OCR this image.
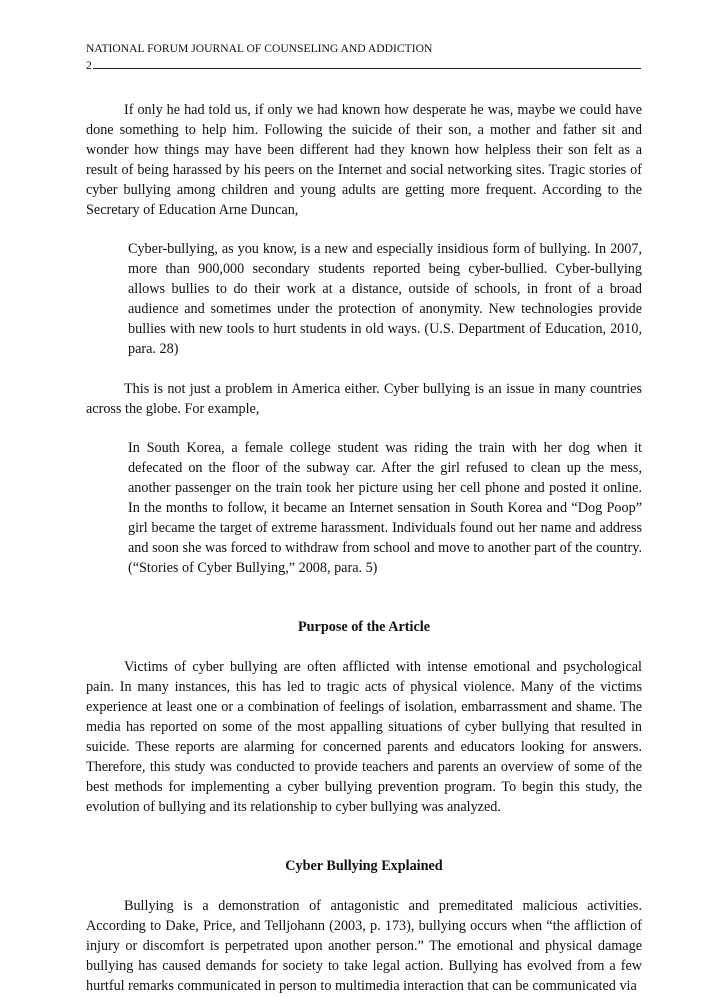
NATIONAL FORUM JOURNAL OF COUNSELING AND ADDICTION
2

If only he had told us, if only we had known how desperate he was, maybe we could have done something to help him. Following the suicide of their son, a mother and father sit and wonder how things may have been different had they known how helpless their son felt as a result of being harassed by his peers on the Internet and social networking sites. Tragic stories of cyber bullying among children and young adults are getting more frequent. According to the Secretary of Education Arne Duncan,

Cyber-bullying, as you know, is a new and especially insidious form of bullying. In 2007, more than 900,000 secondary students reported being cyber-bullied. Cyber-bullying allows bullies to do their work at a distance, outside of schools, in front of a broad audience and sometimes under the protection of anonymity. New technologies provide bullies with new tools to hurt students in old ways. (U.S. Department of Education, 2010, para. 28)

This is not just a problem in America either. Cyber bullying is an issue in many countries across the globe. For example,

In South Korea, a female college student was riding the train with her dog when it defecated on the floor of the subway car. After the girl refused to clean up the mess, another passenger on the train took her picture using her cell phone and posted it online. In the months to follow, it became an Internet sensation in South Korea and “Dog Poop” girl became the target of extreme harassment. Individuals found out her name and address and soon she was forced to withdraw from school and move to another part of the country. (“Stories of Cyber Bullying,” 2008, para. 5)

Purpose of the Article

Victims of cyber bullying are often afflicted with intense emotional and psychological pain. In many instances, this has led to tragic acts of physical violence. Many of the victims experience at least one or a combination of feelings of isolation, embarrassment and shame. The media has reported on some of the most appalling situations of cyber bullying that resulted in suicide. These reports are alarming for concerned parents and educators looking for answers. Therefore, this study was conducted to provide teachers and parents an overview of some of the best methods for implementing a cyber bullying prevention program. To begin this study, the evolution of bullying and its relationship to cyber bullying was analyzed.

Cyber Bullying Explained

Bullying is a demonstration of antagonistic and premeditated malicious activities. According to Dake, Price, and Telljohann (2003, p. 173), bullying occurs when “the affliction of injury or discomfort is perpetrated upon another person.” The emotional and physical damage bullying has caused demands for society to take legal action. Bullying has evolved from a few hurtful remarks communicated in person to multimedia interaction that can be communicated via
